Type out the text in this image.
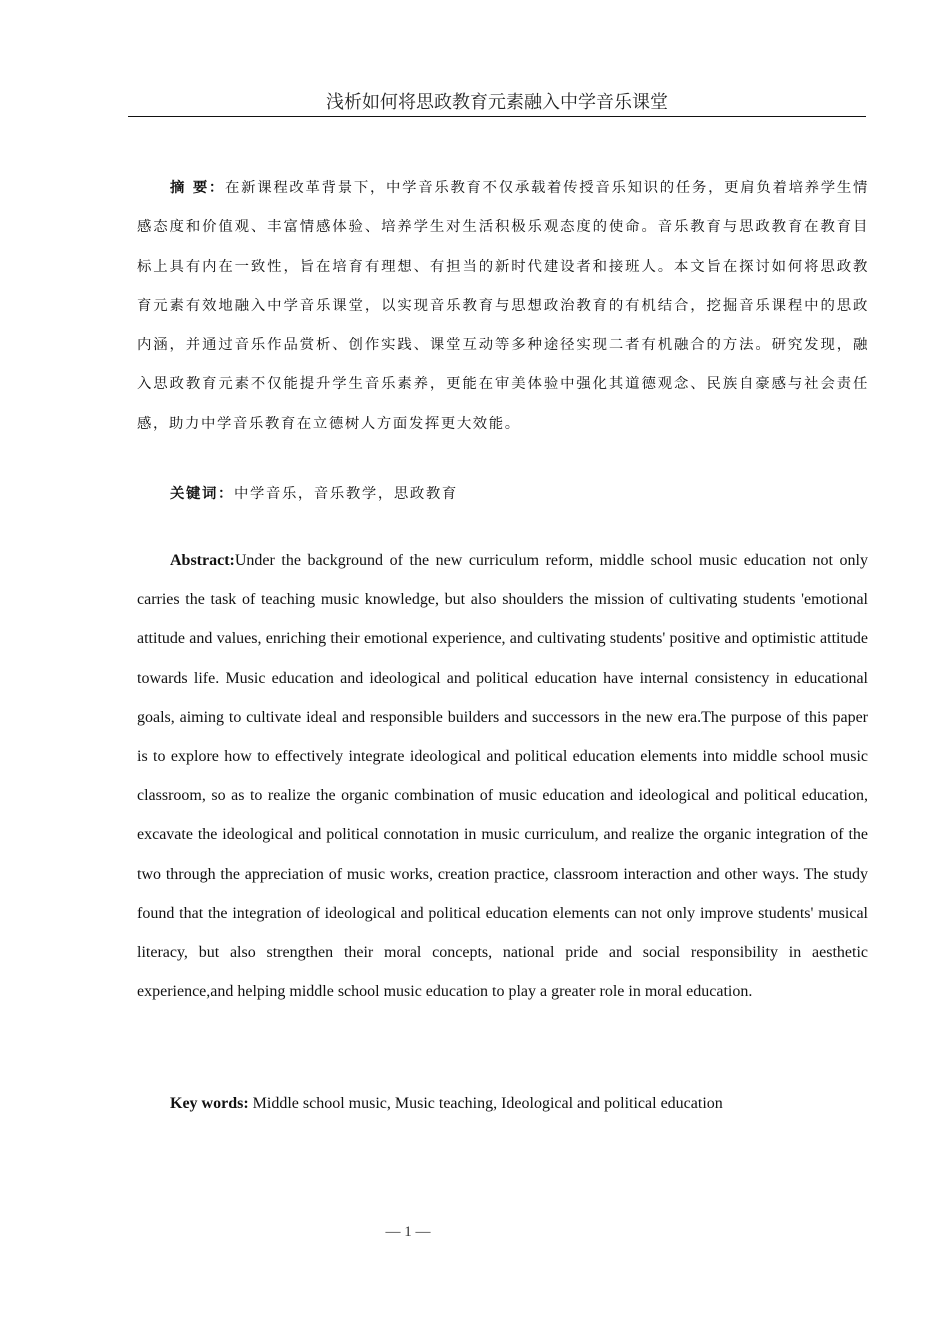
浅析如何将思政教育元素融入中学音乐课堂
摘 要：在新课程改革背景下，中学音乐教育不仅承载着传授音乐知识的任务，更肩负着培养学生情感态度和价值观、丰富情感体验、培养学生对生活积极乐观态度的使命。音乐教育与思政教育在教育目标上具有内在一致性，旨在培育有理想、有担当的新时代建设者和接班人。本文旨在探讨如何将思政教育元素有效地融入中学音乐课堂，以实现音乐教育与思想政治教育的有机结合，挖掘音乐课程中的思政内涵，并通过音乐作品赏析、创作实践、课堂互动等多种途径实现二者有机融合的方法。研究发现，融入思政教育元素不仅能提升学生音乐素养，更能在审美体验中强化其道德观念、民族自豪感与社会责任感，助力中学音乐教育在立德树人方面发挥更大效能。
关键词：中学音乐，音乐教学，思政教育
Abstract:Under the background of the new curriculum reform, middle school music education not only carries the task of teaching music knowledge, but also shoulders the mission of cultivating students 'emotional attitude and values, enriching their emotional experience, and cultivating students' positive and optimistic attitude towards life. Music education and ideological and political education have internal consistency in educational goals, aiming to cultivate ideal and responsible builders and successors in the new era.The purpose of this paper is to explore how to effectively integrate ideological and political education elements into middle school music classroom, so as to realize the organic combination of music education and ideological and political education, excavate the ideological and political connotation in music curriculum, and realize the organic integration of the two through the appreciation of music works, creation practice, classroom interaction and other ways. The study found that the integration of ideological and political education elements can not only improve students' musical literacy, but also strengthen their moral concepts, national pride and social responsibility in aesthetic experience,and helping middle school music education to play a greater role in moral education.
Key words: Middle school music, Music teaching, Ideological and political education
— 1 —
